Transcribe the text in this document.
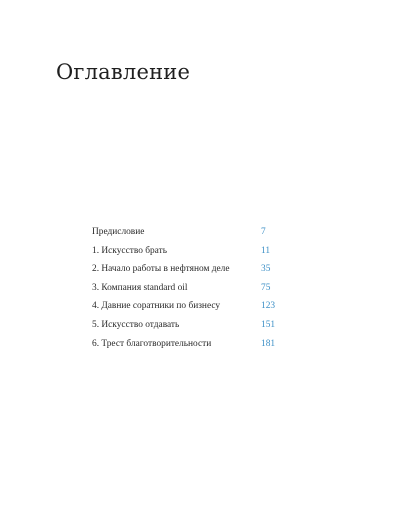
Оглавление
Предисловие	7
1. Искусство брать	11
2. Начало работы в нефтяном деле	35
3. Компания standard oil	75
4. Давние соратники по бизнесу	123
5. Искусство отдавать	151
6. Трест благотворительности	181
